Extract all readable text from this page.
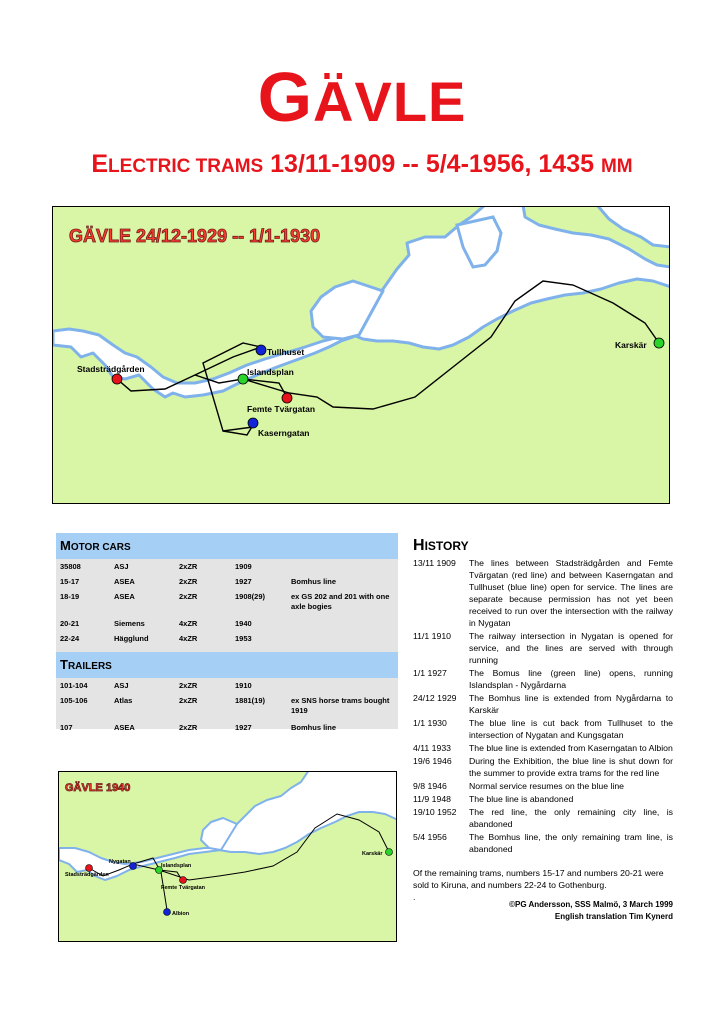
GÄVLE
ELECTRIC TRAMS 13/11-1909 -- 5/4-1956, 1435 MM
Tullhuset
Stadsträdgården	Islandsplan
Femte Tvärgatan
Kaserngatan
Karskär
GÄVLE 24/12-1929 -- 1/1-1930
MOTOR CARS
35808	ASJ	2xZR	1909
15-17	ASEA	2xZR	1927	Bomhus line
18-19	ASEA	2xZR	1908(29)	ex GS 202 and 201 with one axle bogies
20-21	Siemens	4xZR	1940
22-24	Hägglund	4xZR	1953
TRAILERS
101-104	ASJ	2xZR	1910
105-106	Atlas	2xZR	1881(19)	ex SNS horse trams bought 1919
107	ASEA	2xZR	1927	Bomhus line
HISTORY
13/11 1909	The lines between Stadsträdgården and Femte Tvärgatan (red line) and between Kaserngatan and Tullhuset (blue line) open for service. The lines are separate because permission has not yet been received to run over the intersection with the railway in Nygatan
11/1 1910	The railway intersection in Nygatan is opened for service, and the lines are served with through running
1/1 1927	The Bomus line (green line) opens, running Islandsplan - Nygårdarna
24/12 1929	The Bomhus line is extended from Nygårdarna to Karskär
1/1 1930	The blue line is cut back from Tullhuset to the intersection of Nygatan and Kungsgatan
4/11 1933	The blue line is extended from Kaserngatan to Albion
19/6 1946	During the Exhibition, the blue line is shut down for the summer to provide extra trams for the red line
9/8 1946	Normal service resumes on the blue line
11/9 1948	The blue line is abandoned
19/10 1952	The red line, the only remaining city line, is abandoned
5/4 1956	The Bomhus line, the only remaining tram line, is abandoned
Of the remaining trams, numbers 15-17 and numbers 20-21 were sold to Kiruna, and numbers 22-24 to Gothenburg.
.
©PG Andersson, SSS Malmö, 3 March 1999
English translation Tim Kynerd
Nygatan
Stadsträdgården
Islandsplan
Femte Tvärgatan
Albion
Karskär
GÄVLE 1940
